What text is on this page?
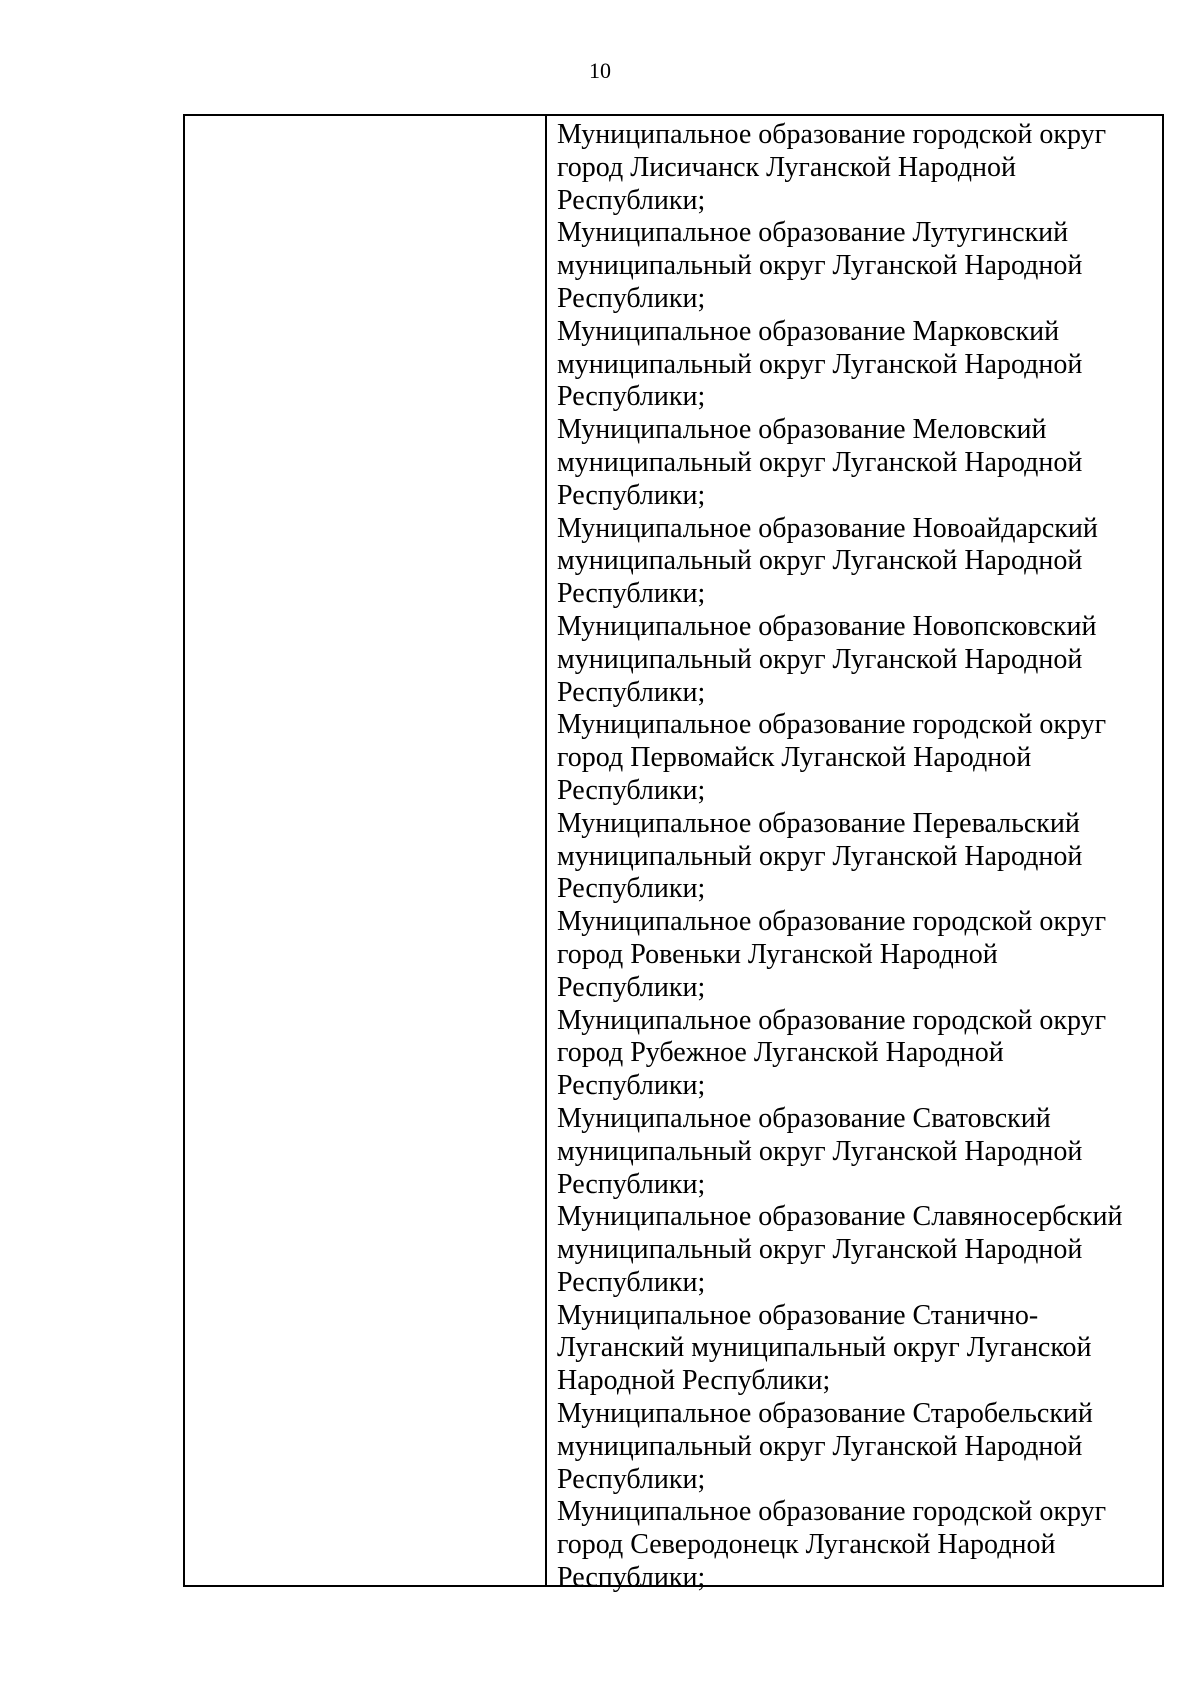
10
Муниципальное образование городской округ
город Лисичанск Луганской Народной
Республики;
Муниципальное образование Лутугинский
муниципальный округ Луганской Народной
Республики;
Муниципальное образование Марковский
муниципальный округ Луганской Народной
Республики;
Муниципальное образование Меловский
муниципальный округ Луганской Народной
Республики;
Муниципальное образование Новоайдарский
муниципальный округ Луганской Народной
Республики;
Муниципальное образование Новопсковский
муниципальный округ Луганской Народной
Республики;
Муниципальное образование городской округ
город Первомайск Луганской Народной
Республики;
Муниципальное образование Перевальский
муниципальный округ Луганской Народной
Республики;
Муниципальное образование городской округ
город Ровеньки Луганской Народной
Республики;
Муниципальное образование городской округ
город Рубежное Луганской Народной
Республики;
Муниципальное образование Сватовский
муниципальный округ Луганской Народной
Республики;
Муниципальное образование Славяносербский
муниципальный округ Луганской Народной
Республики;
Муниципальное образование Станично-
Луганский муниципальный округ Луганской
Народной Республики;
Муниципальное образование Старобельский
муниципальный округ Луганской Народной
Республики;
Муниципальное образование городской округ
город Северодонецк Луганской Народной
Республики;
